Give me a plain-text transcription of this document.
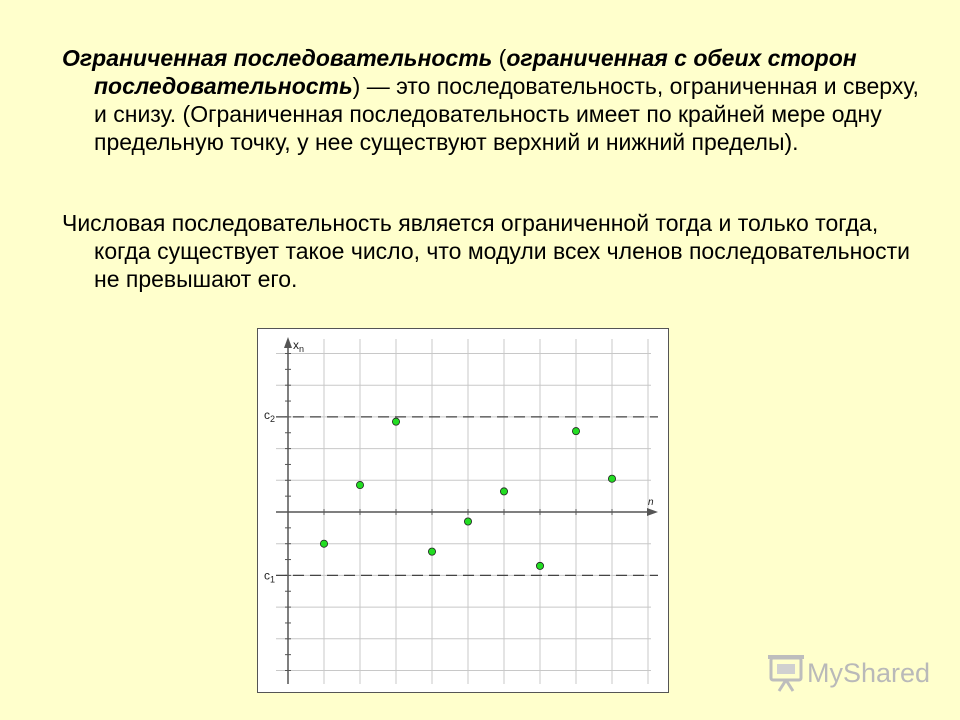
Ограниченная последовательность (ограниченная с обеих сторон последовательность) — это последовательность, ограниченная и сверху, и снизу. (Ограниченная последовательность имеет по крайней мере одну предельную точку, у нее существуют верхний и нижний пределы).

Числовая последовательность является ограниченной тогда и только тогда, когда существует такое число, что модули всех членов последовательности не превышают его.

$x_n$
n
$c_2$
$c_1$
MyShared
